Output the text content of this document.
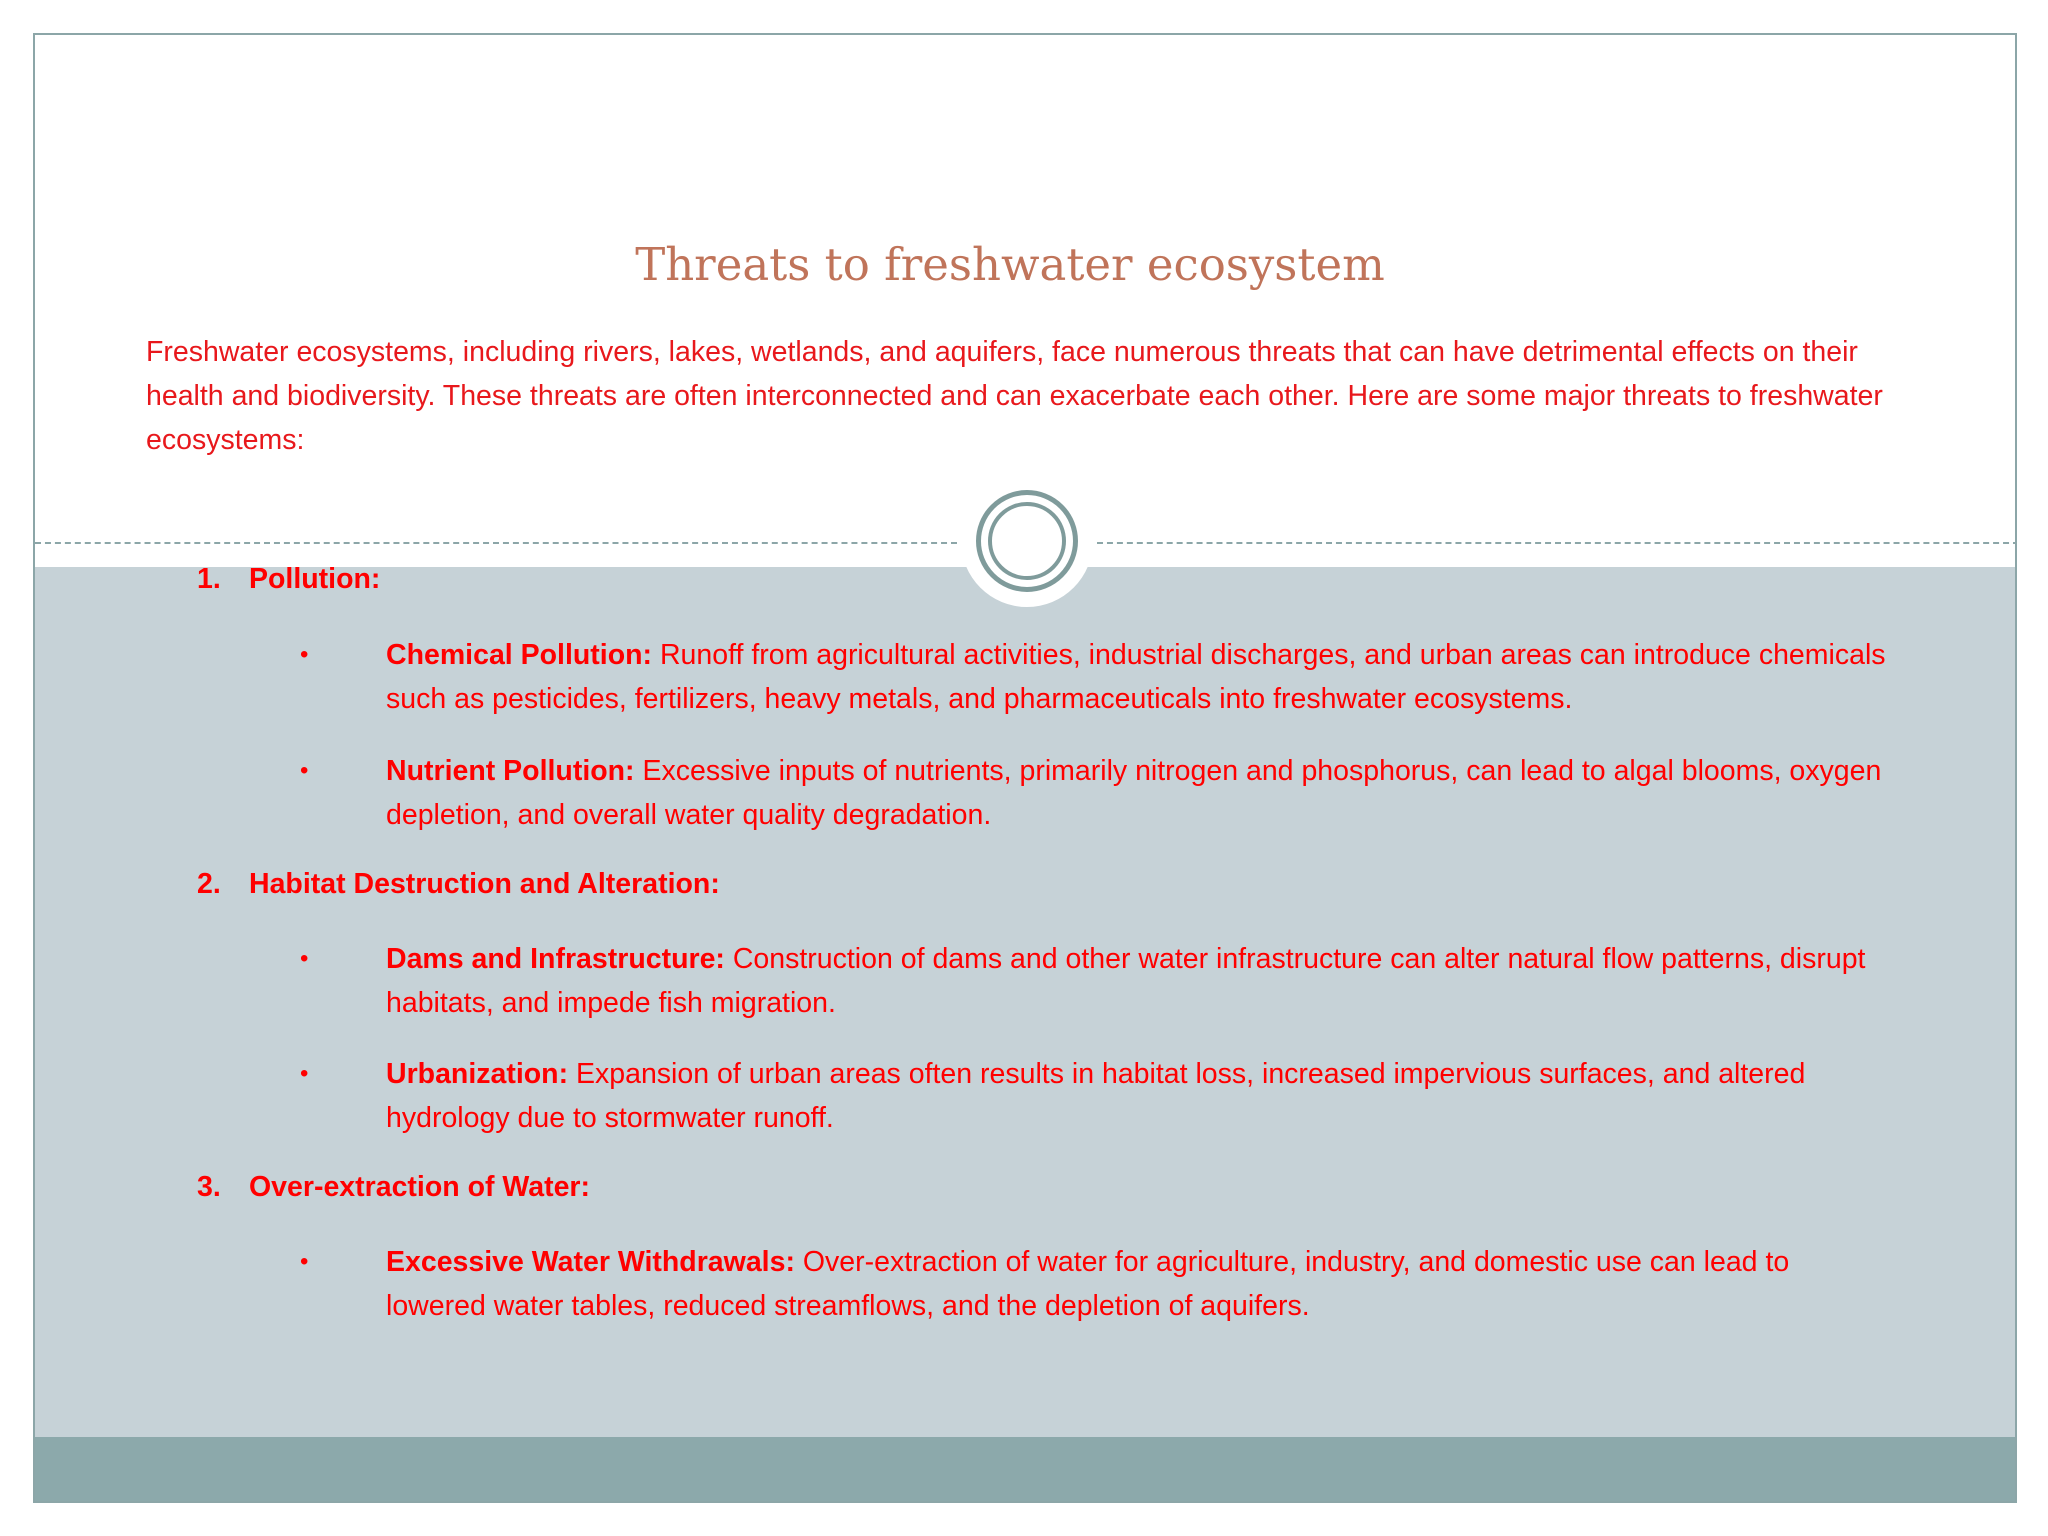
Threats to freshwater ecosystem

Freshwater ecosystems, including rivers, lakes, wetlands, and aquifers, face numerous threats that can have detrimental effects on their health and biodiversity. These threats are often interconnected and can exacerbate each other. Here are some major threats to freshwater ecosystems:

1. Pollution:
•	Chemical Pollution: Runoff from agricultural activities, industrial discharges, and urban areas can introduce chemicals such as pesticides, fertilizers, heavy metals, and pharmaceuticals into freshwater ecosystems.
•	Nutrient Pollution: Excessive inputs of nutrients, primarily nitrogen and phosphorus, can lead to algal blooms, oxygen depletion, and overall water quality degradation.
2. Habitat Destruction and Alteration:
•	Dams and Infrastructure: Construction of dams and other water infrastructure can alter natural flow patterns, disrupt habitats, and impede fish migration.
•	Urbanization: Expansion of urban areas often results in habitat loss, increased impervious surfaces, and altered hydrology due to stormwater runoff.
3. Over-extraction of Water:
•	Excessive Water Withdrawals: Over-extraction of water for agriculture, industry, and domestic use can lead to lowered water tables, reduced streamflows, and the depletion of aquifers.
